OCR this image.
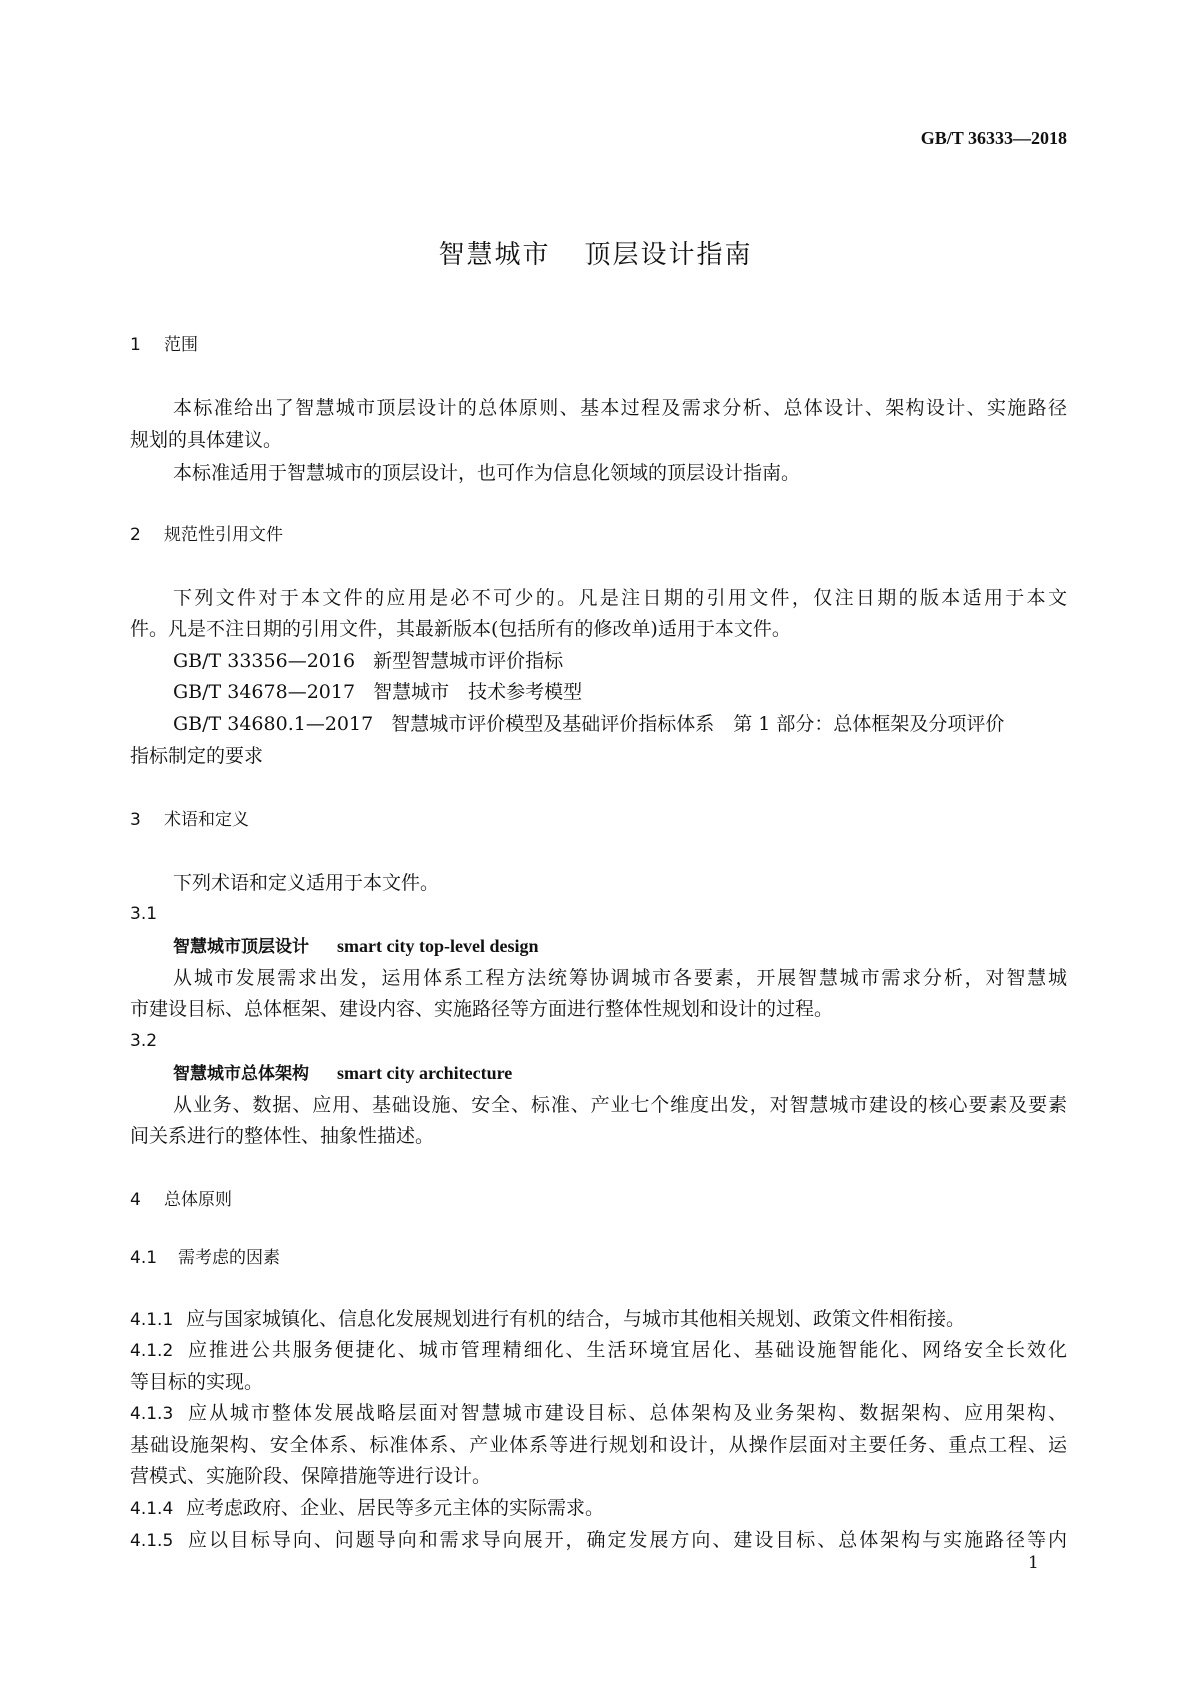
GB/T 36333—2018
智慧城市 顶层设计指南
1 范围
本标准给出了智慧城市顶层设计的总体原则、基本过程及需求分析、总体设计、架构设计、实施路径
规划的具体建议。
本标准适用于智慧城市的顶层设计，也可作为信息化领域的顶层设计指南。
2 规范性引用文件
下列文件对于本文件的应用是必不可少的。凡是注日期的引用文件，仅注日期的版本适用于本文
件。凡是不注日期的引用文件，其最新版本(包括所有的修改单)适用于本文件。
GB/T 33356—2016 新型智慧城市评价指标
GB/T 34678—2017 智慧城市　技术参考模型
GB/T 34680.1—2017 智慧城市评价模型及基础评价指标体系　第 1 部分：总体框架及分项评价
指标制定的要求
3 术语和定义
下列术语和定义适用于本文件。
3.1
智慧城市顶层设计 smart city top-level design
从城市发展需求出发，运用体系工程方法统筹协调城市各要素，开展智慧城市需求分析，对智慧城
市建设目标、总体框架、建设内容、实施路径等方面进行整体性规划和设计的过程。
3.2
智慧城市总体架构 smart city architecture
从业务、数据、应用、基础设施、安全、标准、产业七个维度出发，对智慧城市建设的核心要素及要素
间关系进行的整体性、抽象性描述。
4 总体原则
4.1 需考虑的因素
4.1.1 应与国家城镇化、信息化发展规划进行有机的结合，与城市其他相关规划、政策文件相衔接。
4.1.2 应推进公共服务便捷化、城市管理精细化、生活环境宜居化、基础设施智能化、网络安全长效化
等目标的实现。
4.1.3 应从城市整体发展战略层面对智慧城市建设目标、总体架构及业务架构、数据架构、应用架构、
基础设施架构、安全体系、标准体系、产业体系等进行规划和设计，从操作层面对主要任务、重点工程、运
营模式、实施阶段、保障措施等进行设计。
4.1.4 应考虑政府、企业、居民等多元主体的实际需求。
4.1.5 应以目标导向、问题导向和需求导向展开，确定发展方向、建设目标、总体架构与实施路径等内
1
